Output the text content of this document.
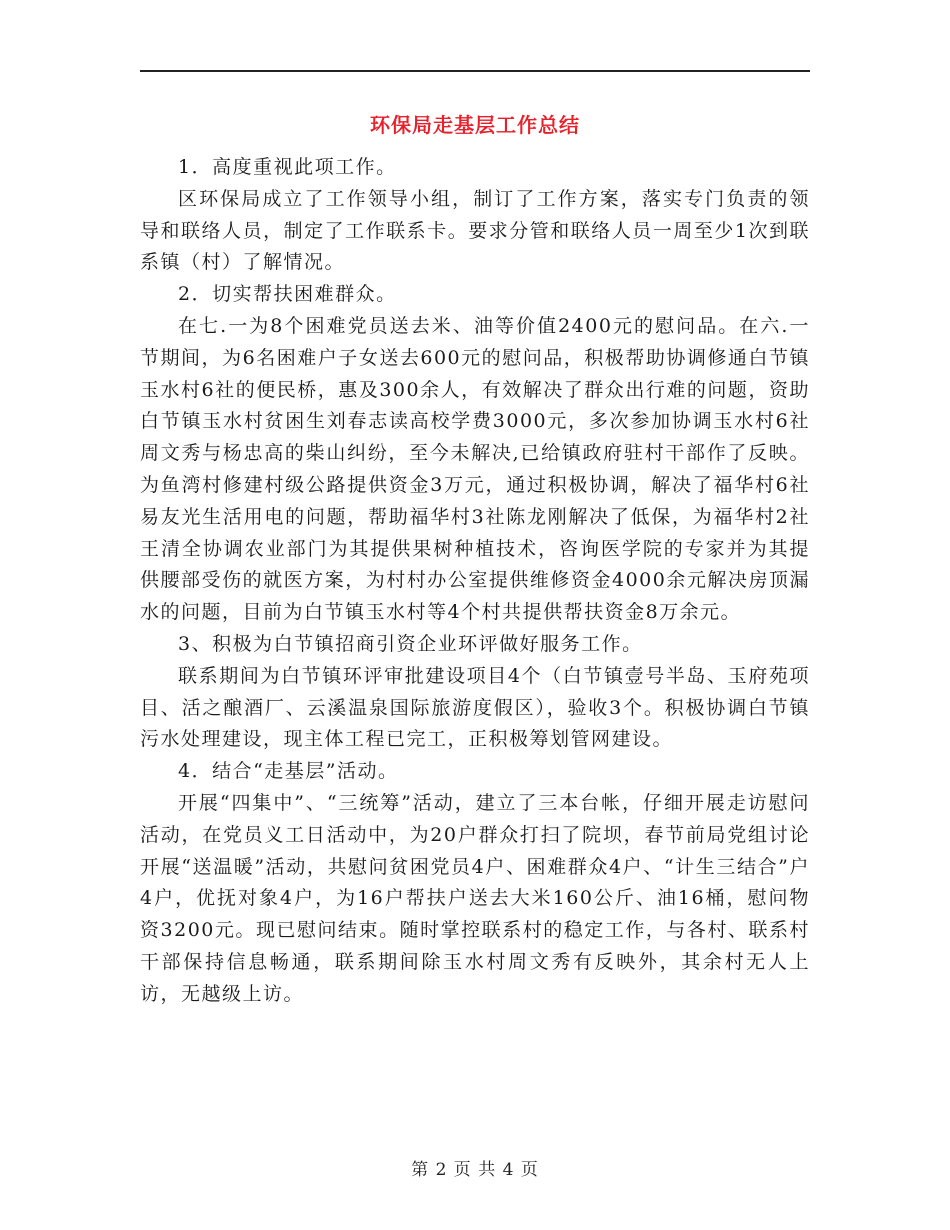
环保局走基层工作总结

1．高度重视此项工作。

区环保局成立了工作领导小组，制订了工作方案，落实专门负责的领导和联络人员，制定了工作联系卡。要求分管和联络人员一周至少1次到联系镇（村）了解情况。

2．切实帮扶困难群众。

在七.一为8个困难党员送去米、油等价值2400元的慰问品。在六.一节期间，为6名困难户子女送去600元的慰问品，积极帮助协调修通白节镇玉水村6社的便民桥，惠及300余人，有效解决了群众出行难的问题，资助白节镇玉水村贫困生刘春志读高校学费3000元，多次参加协调玉水村6社周文秀与杨忠高的柴山纠纷，至今未解决,已给镇政府驻村干部作了反映。为鱼湾村修建村级公路提供资金3万元，通过积极协调，解决了福华村6社易友光生活用电的问题，帮助福华村3社陈龙刚解决了低保，为福华村2社王清全协调农业部门为其提供果树种植技术，咨询医学院的专家并为其提供腰部受伤的就医方案，为村村办公室提供维修资金4000余元解决房顶漏水的问题，目前为白节镇玉水村等4个村共提供帮扶资金8万余元。

3、积极为白节镇招商引资企业环评做好服务工作。

联系期间为白节镇环评审批建设项目4个（白节镇壹号半岛、玉府苑项目、活之酿酒厂、云溪温泉国际旅游度假区），验收3个。积极协调白节镇污水处理建设，现主体工程已完工，正积极筹划管网建设。

4．结合“走基层”活动。

开展“四集中”、“三统筹”活动，建立了三本台帐，仔细开展走访慰问活动，在党员义工日活动中，为20户群众打扫了院坝，春节前局党组讨论开展“送温暖”活动，共慰问贫困党员4户、困难群众4户、“计生三结合”户4户，优抚对象4户，为16户帮扶户送去大米160公斤、油16桶，慰问物资3200元。现已慰问结束。随时掌控联系村的稳定工作，与各村、联系村干部保持信息畅通，联系期间除玉水村周文秀有反映外，其余村无人上访，无越级上访。

第 2 页 共 4 页
